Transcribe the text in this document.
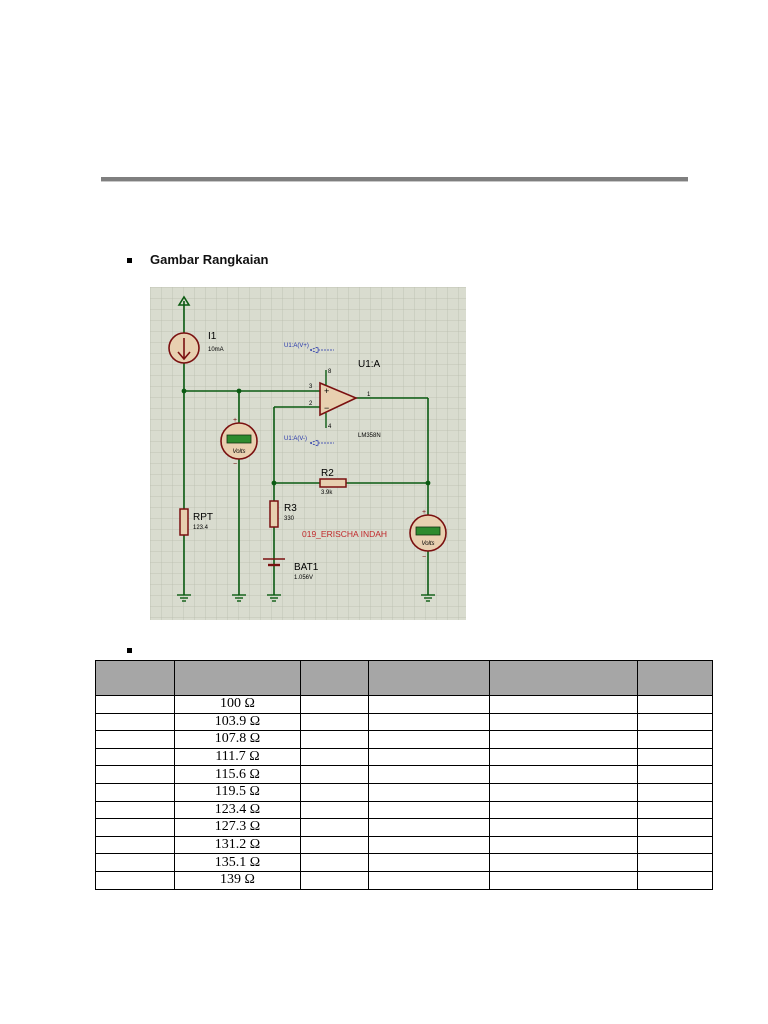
Gambar Rangkaian
I1
10mA
RPT
123.4
Volts
+
−
+
−
3
2
1
8
4
U1:A
LM358N
U1:A(V+)
U1:A(V-)
R2
3.9k
R3
330
BAT1
1.056V
019_ERISCHA INDAH
Volts
+
−

	100 Ω				
	103.9 Ω				
	107.8 Ω				
	111.7 Ω				
	115.6 Ω				
	119.5 Ω				
	123.4 Ω				
	127.3 Ω				
	131.2 Ω				
	135.1 Ω				
	139 Ω				
